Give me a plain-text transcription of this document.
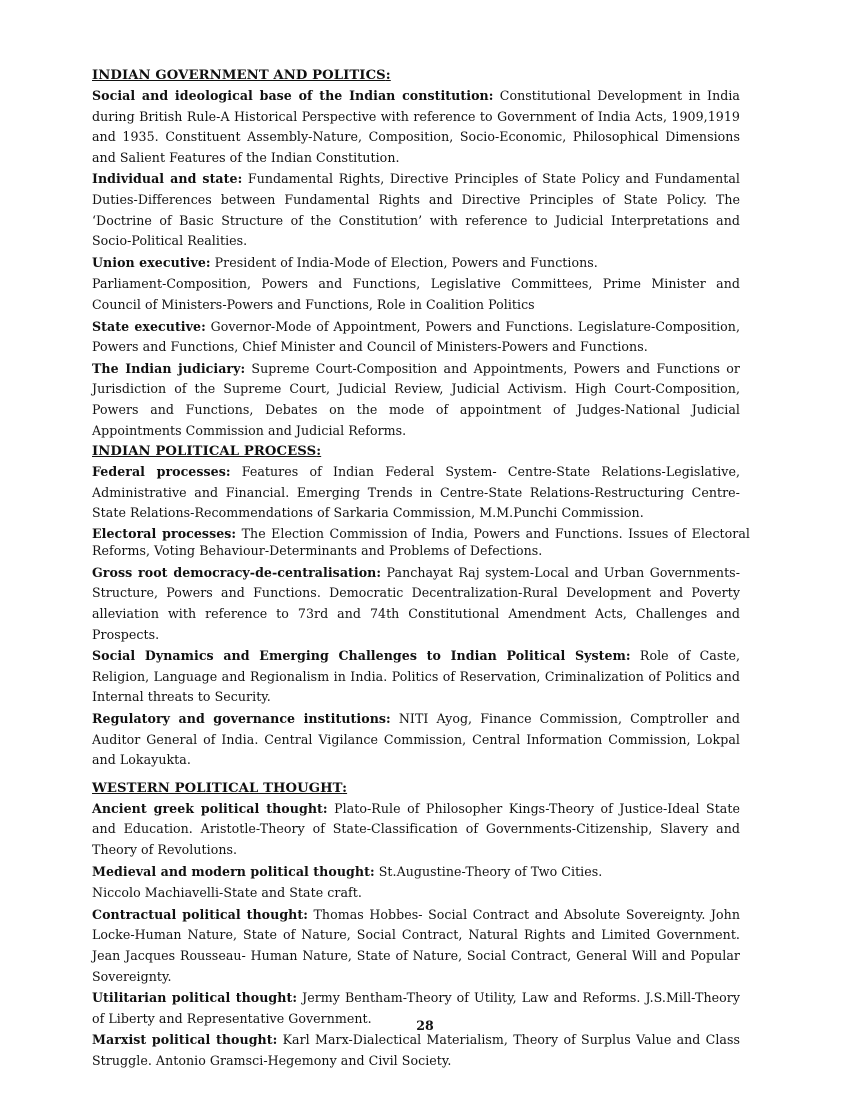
INDIAN GOVERNMENT AND POLITICS:

Social and ideological base of the Indian constitution: Constitutional Development in India during British Rule-A Historical Perspective with reference to Government of India Acts, 1909,1919 and 1935. Constituent Assembly-Nature, Composition, Socio-Economic, Philosophical Dimensions and Salient Features of the Indian Constitution.

Individual and state: Fundamental Rights, Directive Principles of State Policy and Fundamental Duties-Differences between Fundamental Rights and Directive Principles of State Policy. The ‘Doctrine of Basic Structure of the Constitution’ with reference to Judicial Interpretations and Socio-Political Realities.

Union executive: President of India-Mode of Election, Powers and Functions.

Parliament-Composition, Powers and Functions, Legislative Committees, Prime Minister and Council of Ministers-Powers and Functions, Role in Coalition Politics

State executive: Governor-Mode of Appointment, Powers and Functions. Legislature-Composition, Powers and Functions, Chief Minister and Council of Ministers-Powers and Functions.

The Indian judiciary: Supreme Court-Composition and Appointments, Powers and Functions or Jurisdiction of the Supreme Court, Judicial Review, Judicial Activism. High Court-Composition, Powers and Functions, Debates on the mode of appointment of Judges-National Judicial Appointments Commission and Judicial Reforms.

INDIAN POLITICAL PROCESS:

Federal processes: Features of Indian Federal System- Centre-State Relations-Legislative, Administrative and Financial. Emerging Trends in Centre-State Relations-Restructuring Centre- State Relations-Recommendations of Sarkaria Commission, M.M.Punchi Commission.

Electoral processes: The Election Commission of India, Powers and Functions. Issues of Electoral Reforms, Voting Behaviour-Determinants and Problems of Defections.

Gross root democracy-de-centralisation: Panchayat Raj system-Local and Urban Governments-Structure, Powers and Functions. Democratic Decentralization-Rural Development and Poverty alleviation with reference to 73rd and 74th Constitutional Amendment Acts, Challenges and Prospects.

Social Dynamics and Emerging Challenges to Indian Political System: Role of Caste, Religion, Language and Regionalism in India. Politics of Reservation, Criminalization of Politics and Internal threats to Security.

Regulatory and governance institutions: NITI Ayog, Finance Commission, Comptroller and Auditor General of India. Central Vigilance Commission, Central Information Commission, Lokpal and Lokayukta.

WESTERN POLITICAL THOUGHT:

Ancient greek political thought: Plato-Rule of Philosopher Kings-Theory of Justice-Ideal State and Education. Aristotle-Theory of State-Classification of Governments-Citizenship, Slavery and Theory of Revolutions.

Medieval and modern political thought: St.Augustine-Theory of Two Cities.

Niccolo Machiavelli-State and State craft.

Contractual political thought: Thomas Hobbes- Social Contract and Absolute Sovereignty. John Locke-Human Nature, State of Nature, Social Contract, Natural Rights and Limited Government. Jean Jacques Rousseau- Human Nature, State of Nature, Social Contract, General Will and Popular Sovereignty.

Utilitarian political thought: Jermy Bentham-Theory of Utility, Law and Reforms. J.S.Mill-Theory of Liberty and Representative Government.

Marxist political thought: Karl Marx-Dialectical Materialism, Theory of Surplus Value and Class Struggle. Antonio Gramsci-Hegemony and Civil Society.

28
